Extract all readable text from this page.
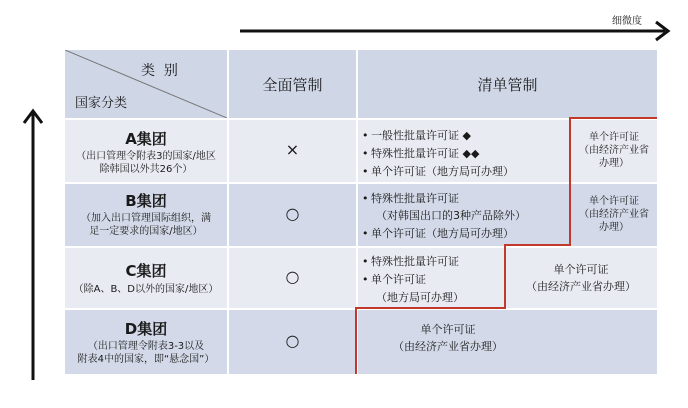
细微度
类  别
国家分类
全面管制	清单管制
A集团
（出口管理令附表3的国家/地区
除韩国以外共26个）
×
B集团
（加入出口管理国际组织，满
足一定要求的国家/地区）
○
C集团
（除A、B、D以外的国家/地区）
○
D集团
（出口管理令附表3-3以及
附表4中的国家，即“悬念国”）
○
• 一般性批量许可证 ◆
• 特殊性批量许可证 ◆◆
• 单个许可证（地方局可办理）
• 特殊性批量许可证
（对韩国出口的3种产品除外）
• 单个许可证（地方局可办理）
• 特殊性批量许可证
• 单个许可证
（地方局可办理）
单个许可证
（由经济产业省
办理）
单个许可证
（由经济产业省
办理）
单个许可证
（由经济产业省办理）
单个许可证
（由经济产业省办理）
